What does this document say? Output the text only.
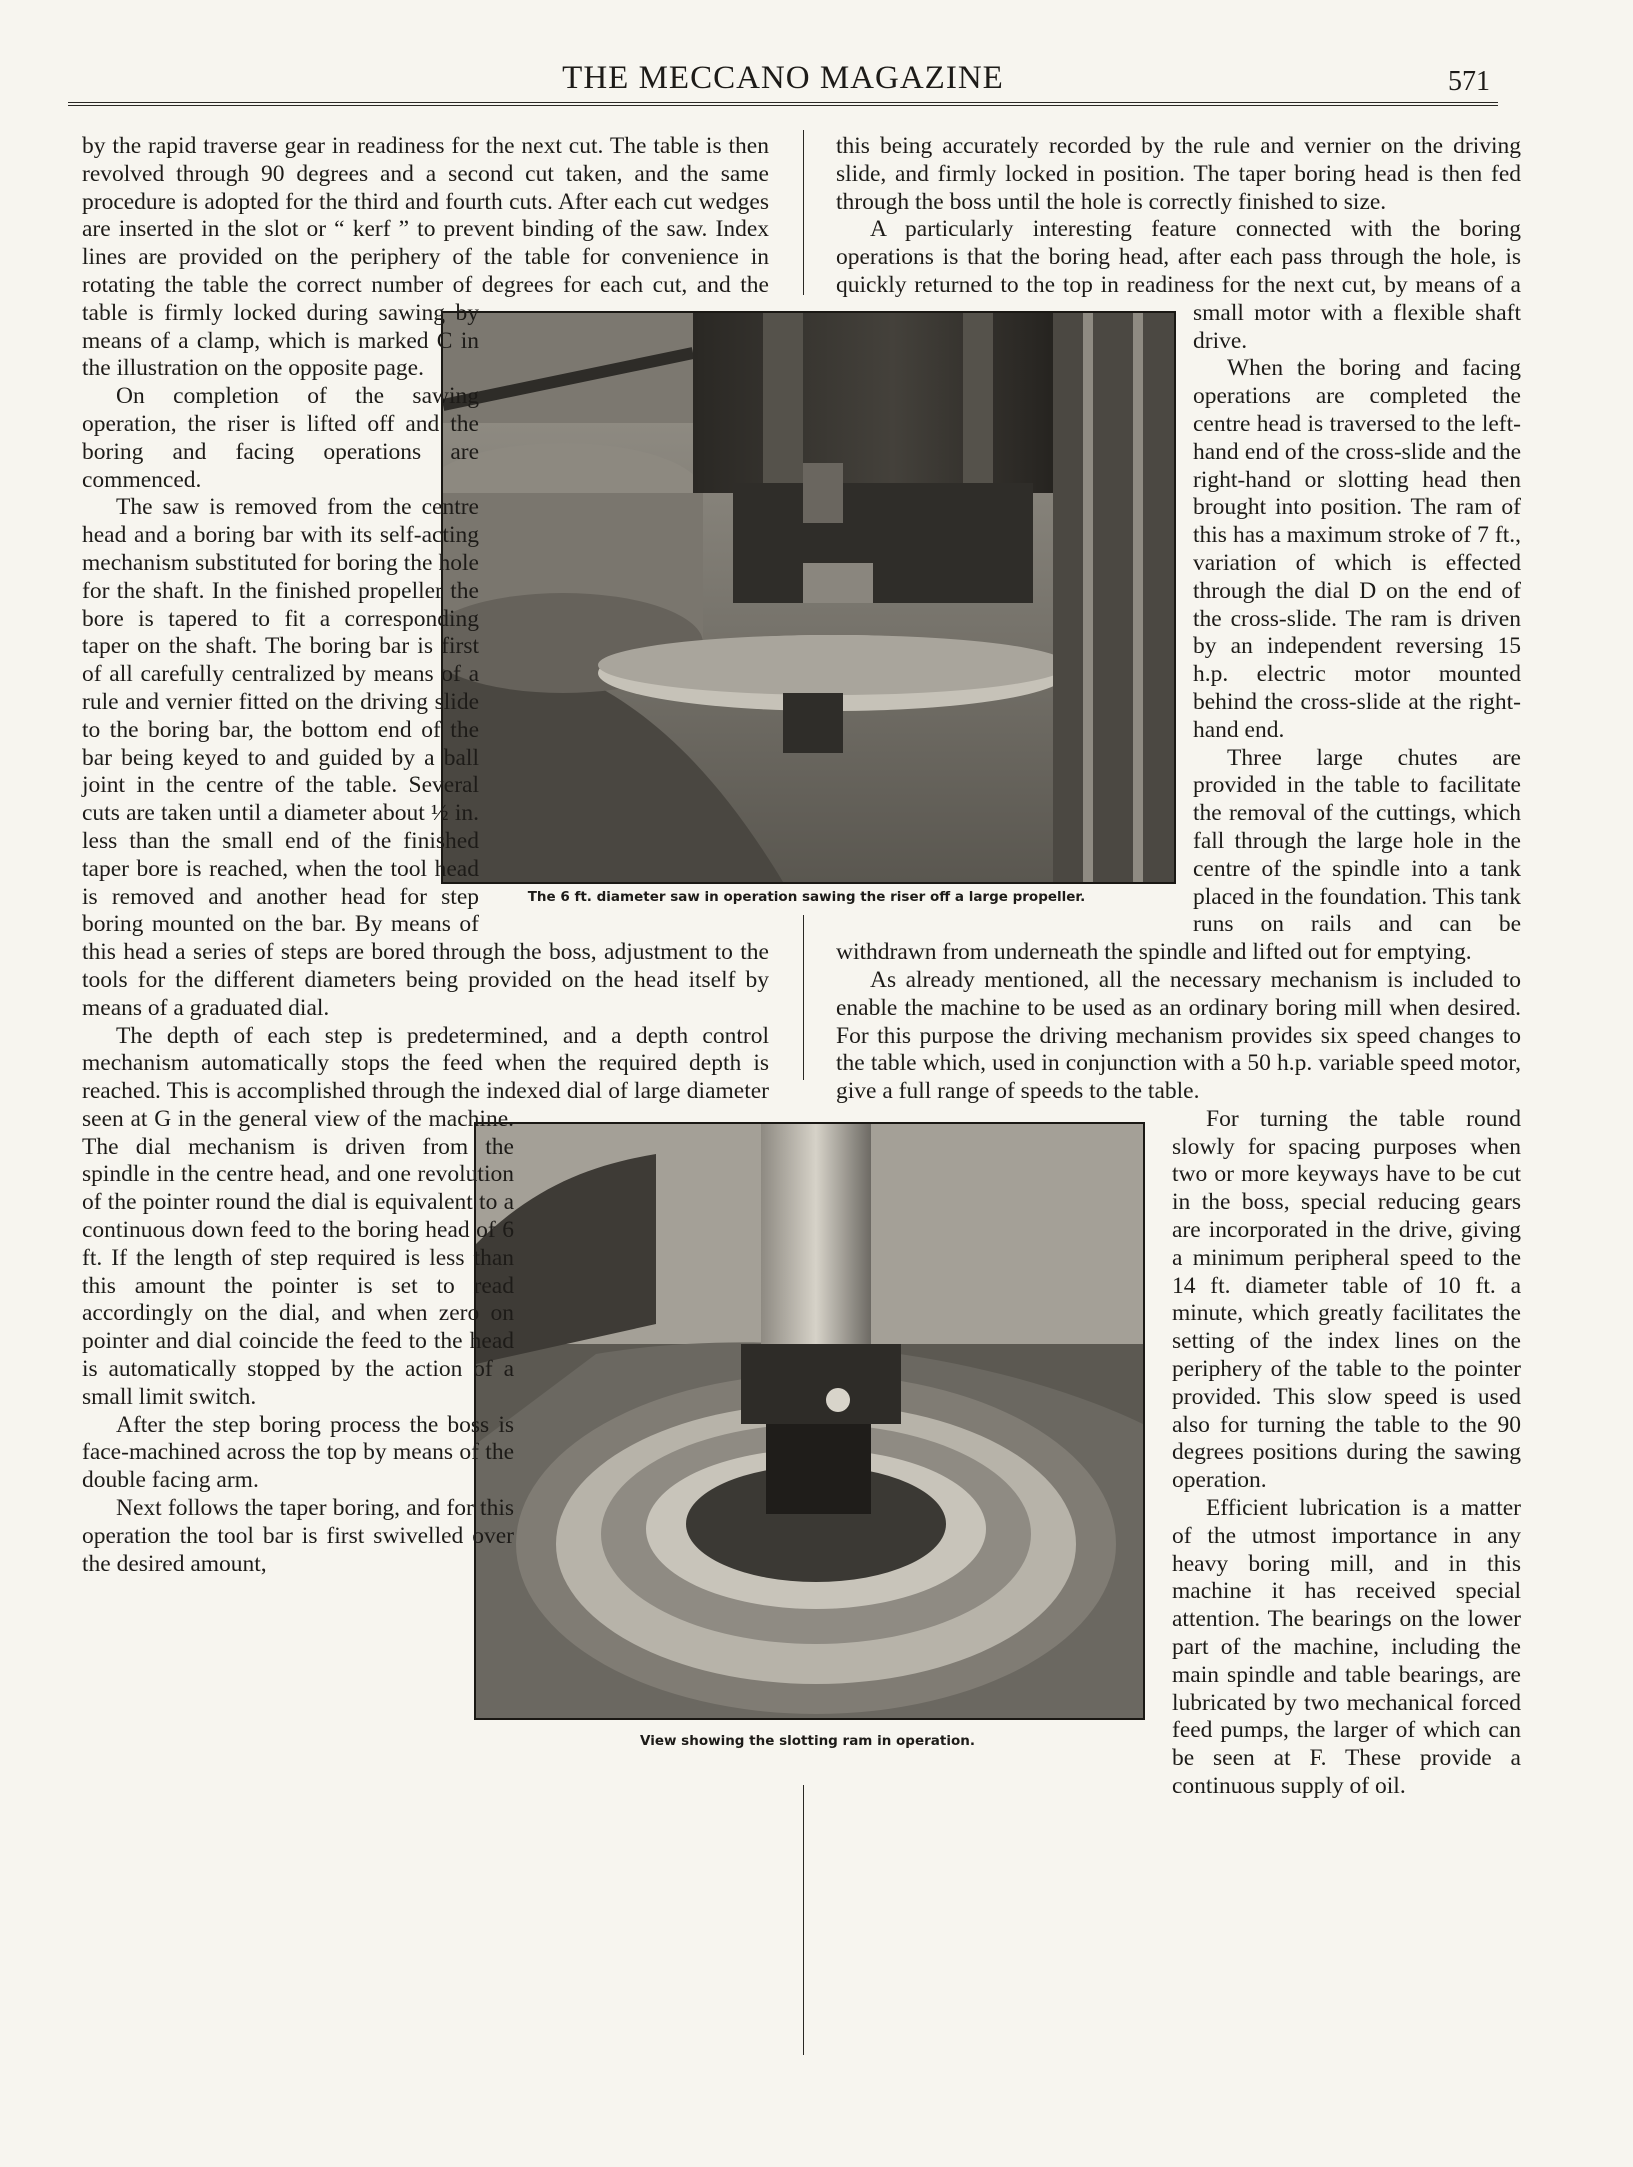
THE MECCANO MAGAZINE	571
The 6 ft. diameter saw in operation sawing the riser off a large propeller.
View showing the slotting ram in operation.

by the rapid traverse gear in readiness for the next cut. The table is then revolved through 90 degrees and a second cut taken, and the same procedure is adopted for the third and fourth cuts. After each cut wedges are inserted in the slot or “ kerf ” to prevent binding of the saw. Index lines are provided on the periphery of the table for convenience in rotating the table the correct number of degrees for each cut, and the table is firmly locked during sawing by means of a clamp, which is marked C in the illustration on the opposite page.

On completion of the sawing operation, the riser is lifted off and the boring and facing operations are commenced.

The saw is removed from the centre head and a boring bar with its self-acting mechanism substituted for boring the hole for the shaft. In the finished propeller the bore is tapered to fit a corresponding taper on the shaft. The boring bar is first of all carefully centralized by means of a rule and vernier fitted on the driving slide to the boring bar, the bottom end of the bar being keyed to and guided by a ball joint in the centre of the table. Several cuts are taken until a diameter about ½ in. less than the small end of the finished taper bore is reached, when the tool head is removed and another head for step boring mounted on the bar. By means of this head a series of steps are bored through the boss, adjustment to the tools for the different diameters being provided on the head itself by means of a graduated dial.

The depth of each step is predetermined, and a depth control mechanism automatically stops the feed when the required depth is reached. This is accomplished through the indexed dial of large diameter seen at G in the general view of the machine. The dial mechanism is driven from the spindle in the centre head, and one revolution of the pointer round the dial is equivalent to a continuous down feed to the boring head of 6 ft. If the length of step required is less than this amount the pointer is set to read accordingly on the dial, and when zero on pointer and dial coincide the feed to the head is automatically stopped by the action of a small limit switch.

After the step boring process the boss is face-machined across the top by means of the double facing arm.

Next follows the taper boring, and for this operation the tool bar is first swivelled over the desired amount,

this being accurately recorded by the rule and vernier on the driving slide, and firmly locked in position. The taper boring head is then fed through the boss until the hole is correctly finished to size.

A particularly interesting feature connected with the boring operations is that the boring head, after each pass through the hole, is quickly returned to the top in readiness for the next cut, by means of a small motor with a flexible shaft drive.

When the boring and facing operations are completed the centre head is traversed to the left-hand end of the cross-slide and the right-hand or slotting head then brought into position. The ram of this has a maximum stroke of 7 ft., variation of which is effected through the dial D on the end of the cross-slide. The ram is driven by an independent reversing 15 h.p. electric motor mounted behind the cross-slide at the right-hand end.

Three large chutes are provided in the table to facilitate the removal of the cuttings, which fall through the large hole in the centre of the spindle into a tank placed in the foundation. This tank runs on rails and can be withdrawn from underneath the spindle and lifted out for emptying.

As already mentioned, all the necessary mechanism is included to enable the machine to be used as an ordinary boring mill when desired. For this purpose the driving mechanism provides six speed changes to the table which, used in conjunction with a 50 h.p. variable speed motor, give a full range of speeds to the table.

For turning the table round slowly for spacing purposes when two or more keyways have to be cut in the boss, special reducing gears are incorporated in the drive, giving a minimum peripheral speed to the 14 ft. diameter table of 10 ft. a minute, which greatly facilitates the setting of the index lines on the periphery of the table to the pointer provided. This slow speed is used also for turning the table to the 90 degrees positions during the sawing operation.

Efficient lubrication is a matter of the utmost importance in any heavy boring mill, and in this machine it has received special attention. The bearings on the lower part of the machine, including the main spindle and table bearings, are lubricated by two mechanical forced feed pumps, the larger of which can be seen at F. These provide a continuous supply of oil.
